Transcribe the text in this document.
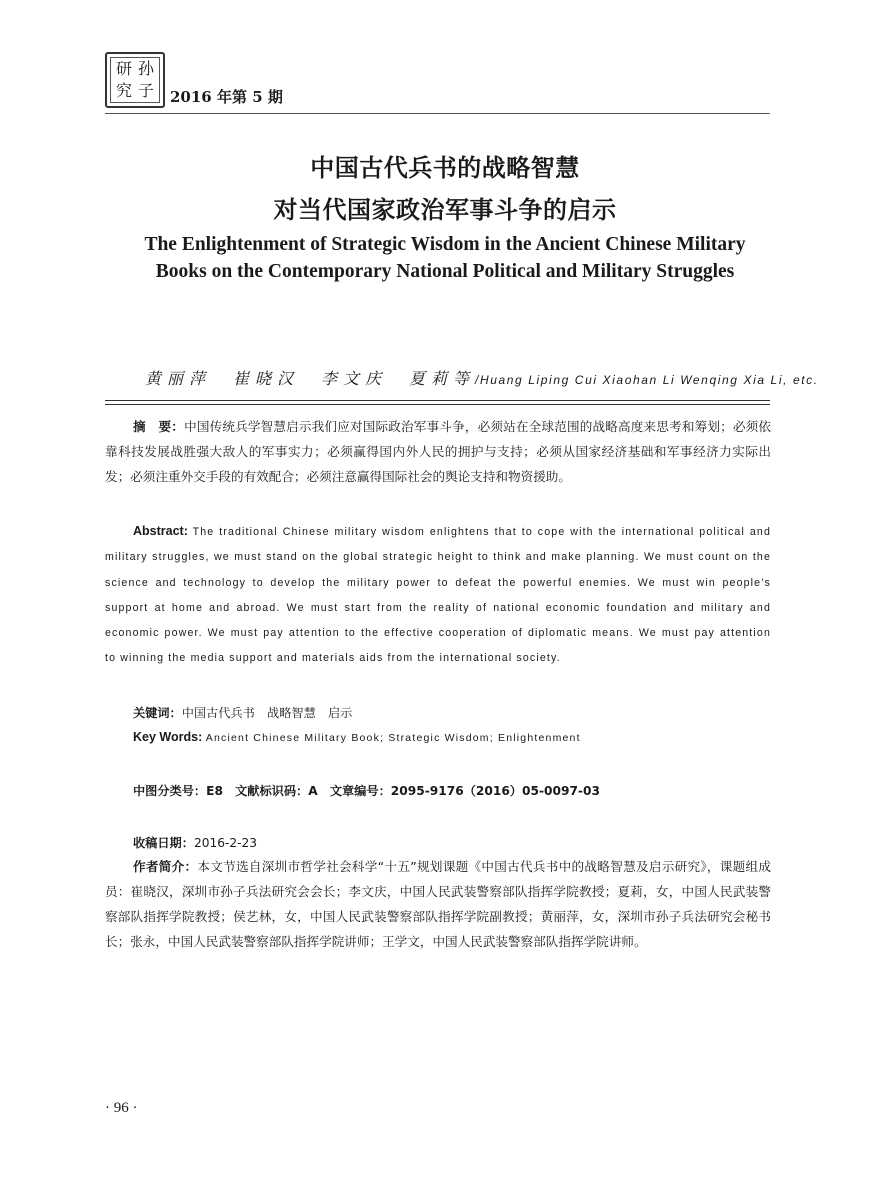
研 孙
究 子 2016 年第 5 期
中国古代兵书的战略智慧
对当代国家政治军事斗争的启示
The Enlightenment of Strategic Wisdom in the Ancient Chinese Military
Books on the Contemporary National Political and Military Struggles
黄丽萍　崔晓汉　李文庆　夏莉等/Huang Liping Cui Xiaohan Li Wenqing Xia Li, etc.
摘　要：中国传统兵学智慧启示我们应对国际政治军事斗争，必须站在全球范围的战略高度来思考和筹划；必须依靠科技发展战胜强大敌人的军事实力；必须赢得国内外人民的拥护与支持；必须从国家经济基础和军事经济力实际出发；必须注重外交手段的有效配合；必须注意赢得国际社会的舆论支持和物资援助。
Abstract: The traditional Chinese military wisdom enlightens that to cope with the international political and military struggles, we must stand on the global strategic height to think and make planning. We must count on the science and technology to develop the military power to defeat the powerful enemies. We must win people’s support at home and abroad. We must start from the reality of national economic foundation and military and economic power. We must pay attention to the effective cooperation of diplomatic means. We must pay attention to winning the media support and materials aids from the international society.
关键词：中国古代兵书　战略智慧　启示
Key Words: Ancient Chinese Military Book; Strategic Wisdom; Enlightenment
中图分类号：E8　文献标识码：A　文章编号：2095-9176（2016）05-0097-03
收稿日期：2016-2-23
作者简介：本文节选自深圳市哲学社会科学“十五”规划课题《中国古代兵书中的战略智慧及启示研究》，课题组成员：崔晓汉，深圳市孙子兵法研究会会长；李文庆，中国人民武装警察部队指挥学院教授；夏莉，女，中国人民武装警察部队指挥学院教授；侯艺林，女，中国人民武装警察部队指挥学院副教授；黄丽萍，女，深圳市孙子兵法研究会秘书长；张永，中国人民武装警察部队指挥学院讲师；王学文，中国人民武装警察部队指挥学院讲师。
· 96 ·
